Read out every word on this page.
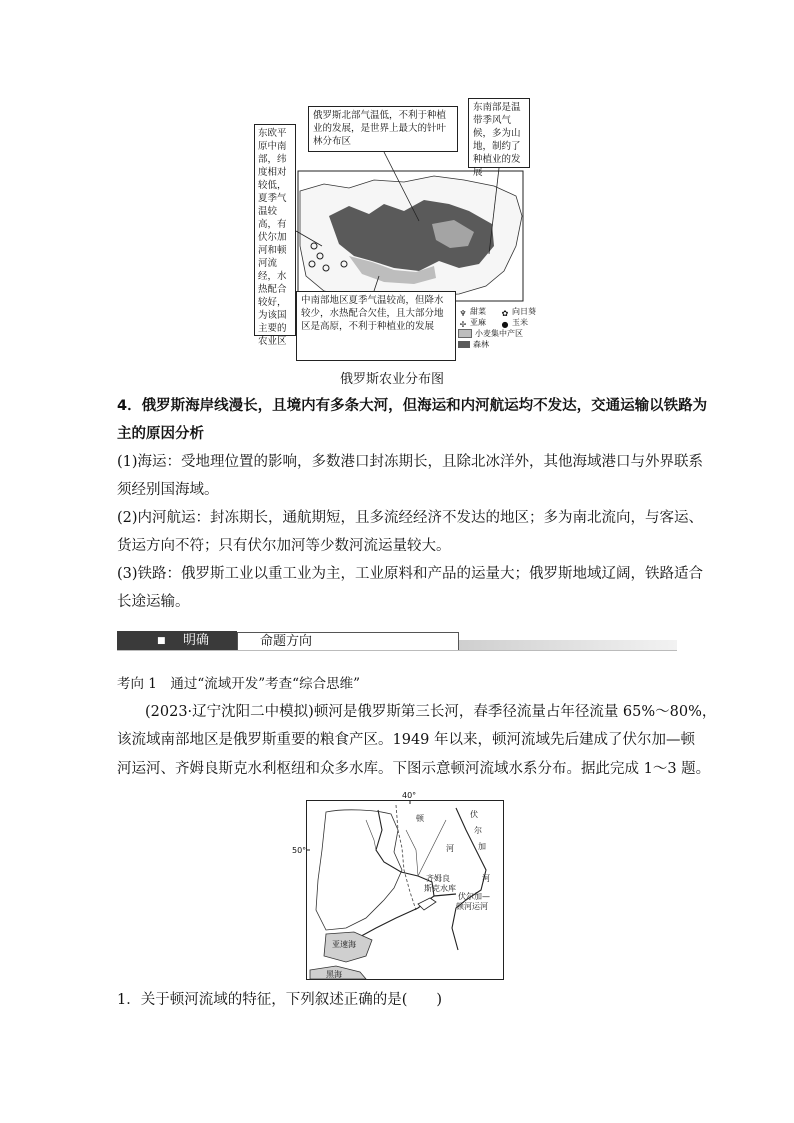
东欧平原中南部，纬度相对较低，夏季气温较高，有伏尔加河和顿河流经，水热配合较好，为该国主要的农业区
俄罗斯北部气温低，不利于种植业的发展，是世界上最大的针叶林分布区
东南部是温带季风气候，多为山地，制约了种植业的发展
中南部地区夏季气温较高，但降水较少，水热配合欠佳，且大部分地区是高原，不利于种植业的发展
♆ 甜菜	✿ 向日葵
✢ 亚麻	● 玉米
小麦集中产区
森林
俄罗斯农业分布图
4．俄罗斯海岸线漫长，且境内有多条大河，但海运和内河航运均不发达，交通运输以铁路为
主的原因分析
(1)海运：受地理位置的影响，多数港口封冻期长，且除北冰洋外，其他海域港口与外界联系
须经别国海域。
(2)内河航运：封冻期长，通航期短，且多流经经济不发达的地区；多为南北流向，与客运、
货运方向不符；只有伏尔加河等少数河流运量较大。
(3)铁路：俄罗斯工业以重工业为主，工业原料和产品的运量大；俄罗斯地域辽阔，铁路适合
长途运输。
■ 明确	命题方向
考向 1　通过“流域开发”考查“综合思维”
(2023·辽宁沈阳二中模拟)顿河是俄罗斯第三长河，春季径流量占年径流量 65%～80%，
该流域南部地区是俄罗斯重要的粮食产区。1949 年以来，顿河流域先后建成了伏尔加—顿
河运河、齐姆良斯克水利枢纽和众多水库。下图示意顿河流域水系分布。据此完成 1～3 题。
40°
50°
顿
河
伏
尔
加
河
齐姆良
斯克水库
伏尔加—
顿河运河
亚速海
黑海
1．关于顿河流域的特征，下列叙述正确的是(　　)
